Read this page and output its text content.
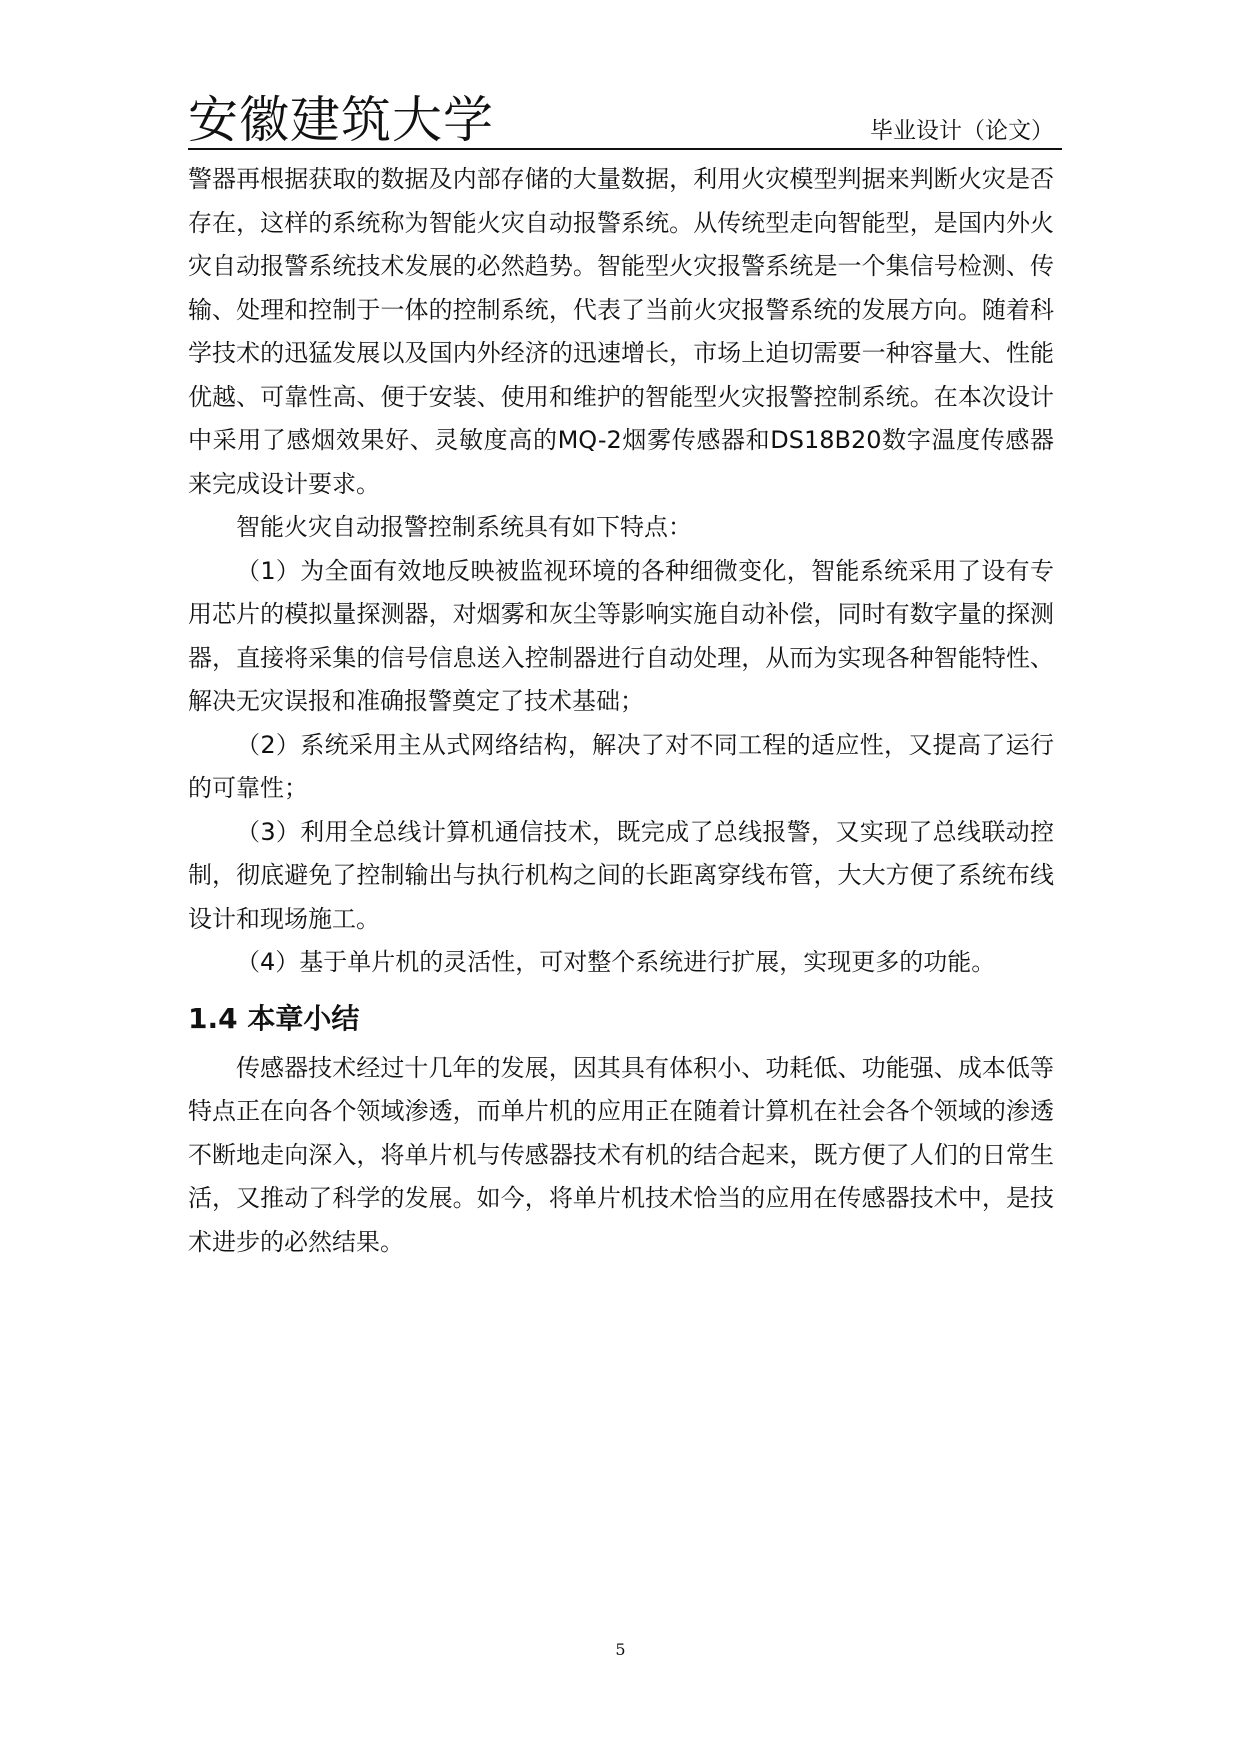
安徽建筑大学	毕业设计（论文）

警器再根据获取的数据及内部存储的大量数据，利用火灾模型判据来判断火灾是否存在，这样的系统称为智能火灾自动报警系统。从传统型走向智能型，是国内外火灾自动报警系统技术发展的必然趋势。智能型火灾报警系统是一个集信号检测、传输、处理和控制于一体的控制系统，代表了当前火灾报警系统的发展方向。随着科学技术的迅猛发展以及国内外经济的迅速增长，市场上迫切需要一种容量大、性能优越、可靠性高、便于安装、使用和维护的智能型火灾报警控制系统。在本次设计中采用了感烟效果好、灵敏度高的MQ-2烟雾传感器和DS18B20数字温度传感器来完成设计要求。

智能火灾自动报警控制系统具有如下特点：

（1）为全面有效地反映被监视环境的各种细微变化，智能系统采用了设有专用芯片的模拟量探测器，对烟雾和灰尘等影响实施自动补偿，同时有数字量的探测器，直接将采集的信号信息送入控制器进行自动处理，从而为实现各种智能特性、解决无灾误报和准确报警奠定了技术基础；

（2）系统采用主从式网络结构，解决了对不同工程的适应性，又提高了运行的可靠性；

（3）利用全总线计算机通信技术，既完成了总线报警，又实现了总线联动控制，彻底避免了控制输出与执行机构之间的长距离穿线布管，大大方便了系统布线设计和现场施工。

（4）基于单片机的灵活性，可对整个系统进行扩展，实现更多的功能。

1.4 本章小结

传感器技术经过十几年的发展，因其具有体积小、功耗低、功能强、成本低等特点正在向各个领域渗透，而单片机的应用正在随着计算机在社会各个领域的渗透不断地走向深入，将单片机与传感器技术有机的结合起来，既方便了人们的日常生活，又推动了科学的发展。如今，将单片机技术恰当的应用在传感器技术中，是技术进步的必然结果。

5
